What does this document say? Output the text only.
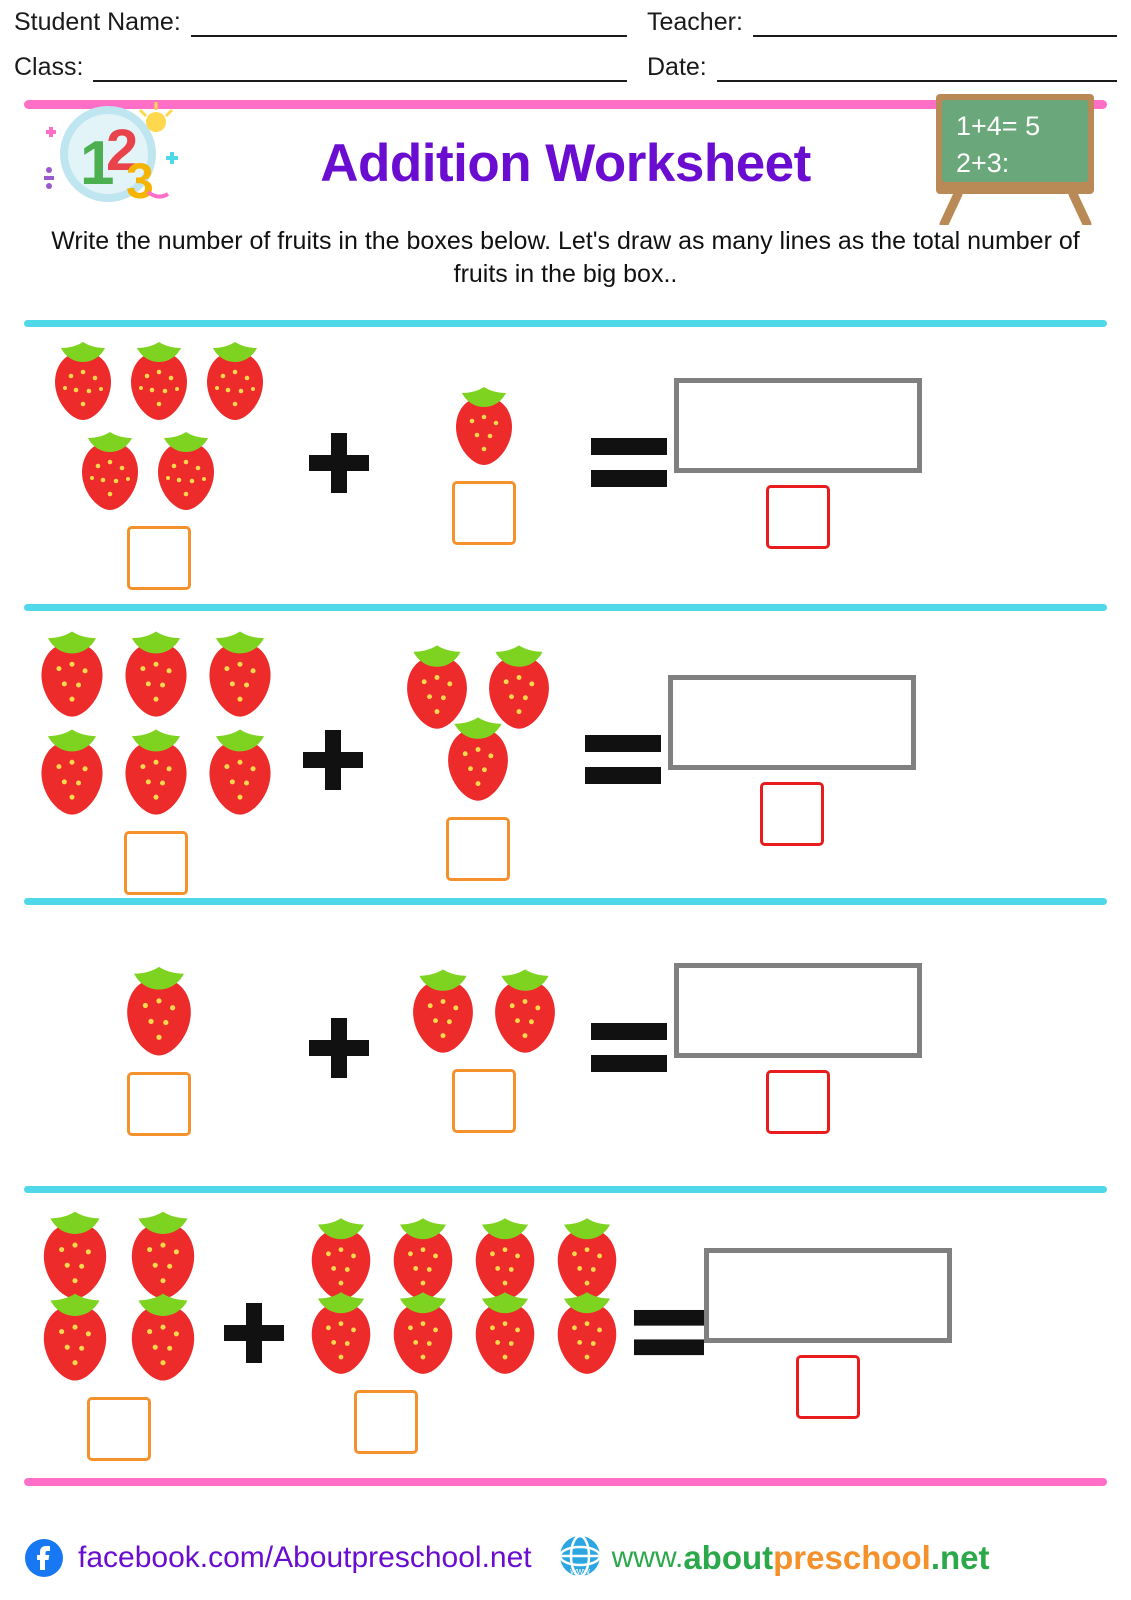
Student Name:	Teacher:
Class:	Date:
1
2
3
1+4= 5
2+3:
Addition Worksheet
Write the number of fruits in the boxes below. Let's draw as many lines as the total number of fruits in the big box..
facebook.com/Aboutpreschool.net	www www. about preschool .net
